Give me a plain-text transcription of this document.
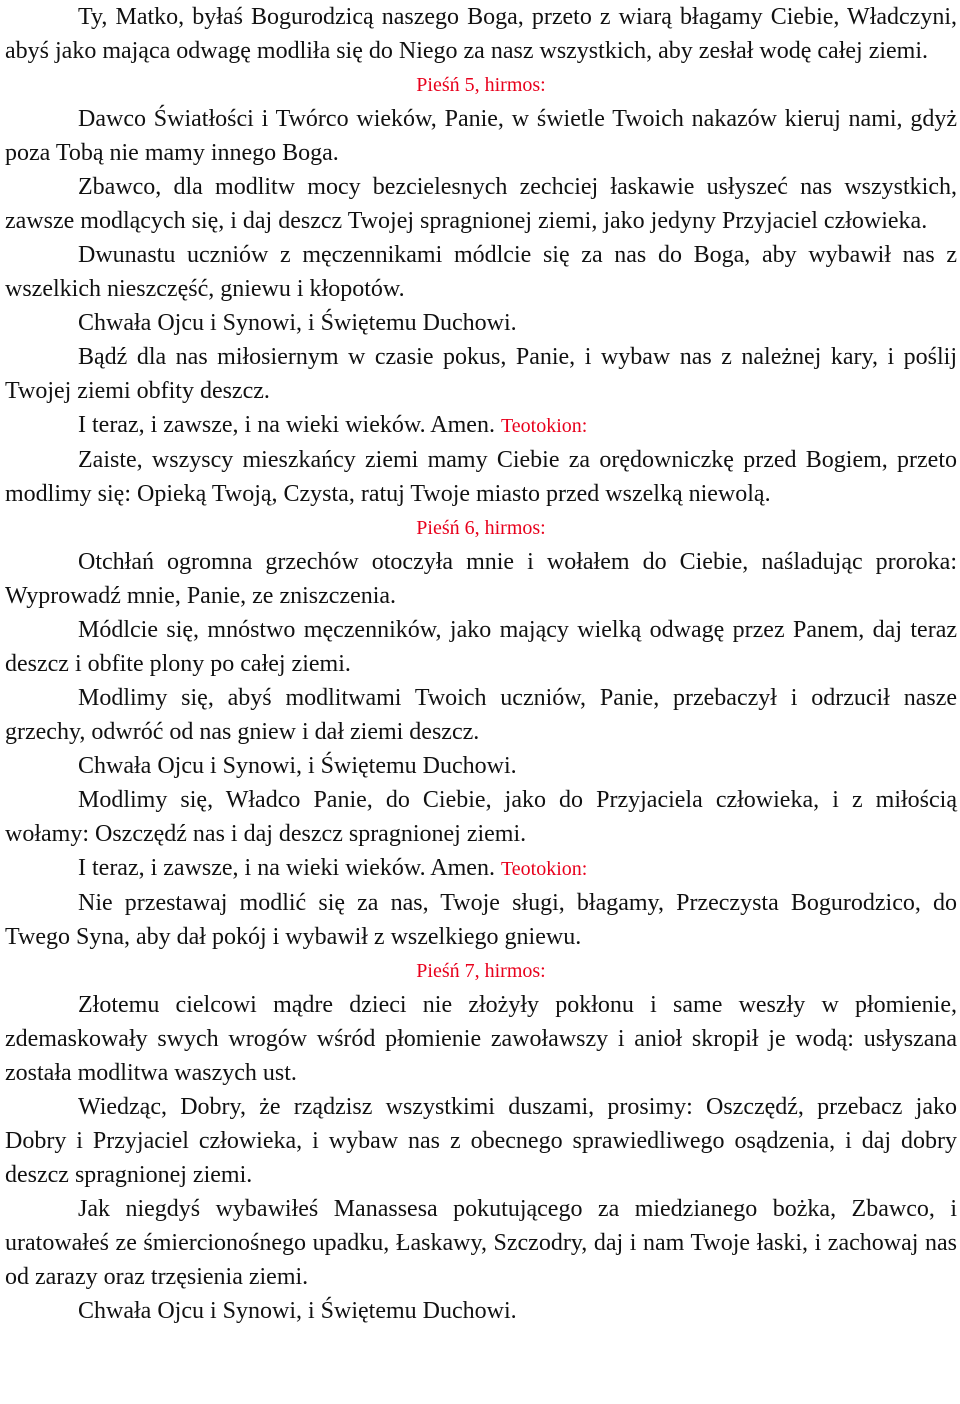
Ty, Matko, byłaś Bogurodzicą naszego Boga, przeto z wiarą błagamy Ciebie, Władczyni, abyś jako mająca odwagę modliła się do Niego za nasz wszystkich, aby zesłał wodę całej ziemi.

Pieśń 5, hirmos:

Dawco Światłości i Twórco wieków, Panie, w świetle Twoich nakazów kieruj nami, gdyż poza Tobą nie mamy innego Boga.

Zbawco, dla modlitw mocy bezcielesnych zechciej łaskawie usłyszeć nas wszystkich, zawsze modlących się, i daj deszcz Twojej spragnionej ziemi, jako jedyny Przyjaciel człowieka.

Dwunastu uczniów z męczennikami módlcie się za nas do Boga, aby wybawił nas z wszelkich nieszczęść, gniewu i kłopotów.

Chwała Ojcu i Synowi, i Świętemu Duchowi.

Bądź dla nas miłosiernym w czasie pokus, Panie, i wybaw nas z należnej kary, i poślij Twojej ziemi obfity deszcz.

I teraz, i zawsze, i na wieki wieków. Amen. Teotokion:

Zaiste, wszyscy mieszkańcy ziemi mamy Ciebie za orędowniczkę przed Bogiem, przeto modlimy się: Opieką Twoją, Czysta, ratuj Twoje miasto przed wszelką niewolą.

Pieśń 6, hirmos:

Otchłań ogromna grzechów otoczyła mnie i wołałem do Ciebie, naśladując proroka: Wyprowadź mnie, Panie, ze zniszczenia.

Módlcie się, mnóstwo męczenników, jako mający wielką odwagę przez Panem, daj teraz deszcz i obfite plony po całej ziemi.

Modlimy się, abyś modlitwami Twoich uczniów, Panie, przebaczył i odrzucił nasze grzechy, odwróć od nas gniew i dał ziemi deszcz.

Chwała Ojcu i Synowi, i Świętemu Duchowi.

Modlimy się, Władco Panie, do Ciebie, jako do Przyjaciela człowieka, i z miłością wołamy: Oszczędź nas i daj deszcz spragnionej ziemi.

I teraz, i zawsze, i na wieki wieków. Amen. Teotokion:

Nie przestawaj modlić się za nas, Twoje sługi, błagamy, Przeczysta Bogurodzico, do Twego Syna, aby dał pokój i wybawił z wszelkiego gniewu.

Pieśń 7, hirmos:

Złotemu cielcowi mądre dzieci nie złożyły pokłonu i same weszły w płomienie, zdemaskowały swych wrogów wśród płomienie zawoławszy i anioł skropił je wodą: usłyszana została modlitwa waszych ust.

Wiedząc, Dobry, że rządzisz wszystkimi duszami, prosimy: Oszczędź, przebacz jako Dobry i Przyjaciel człowieka, i wybaw nas z obecnego sprawiedliwego osądzenia, i daj dobry deszcz spragnionej ziemi.

Jak niegdyś wybawiłeś Manassesa pokutującego za miedzianego bożka, Zbawco, i uratowałeś ze śmiercionośnego upadku, Łaskawy, Szczodry, daj i nam Twoje łaski, i zachowaj nas od zarazy oraz trzęsienia ziemi.

Chwała Ojcu i Synowi, i Świętemu Duchowi.
